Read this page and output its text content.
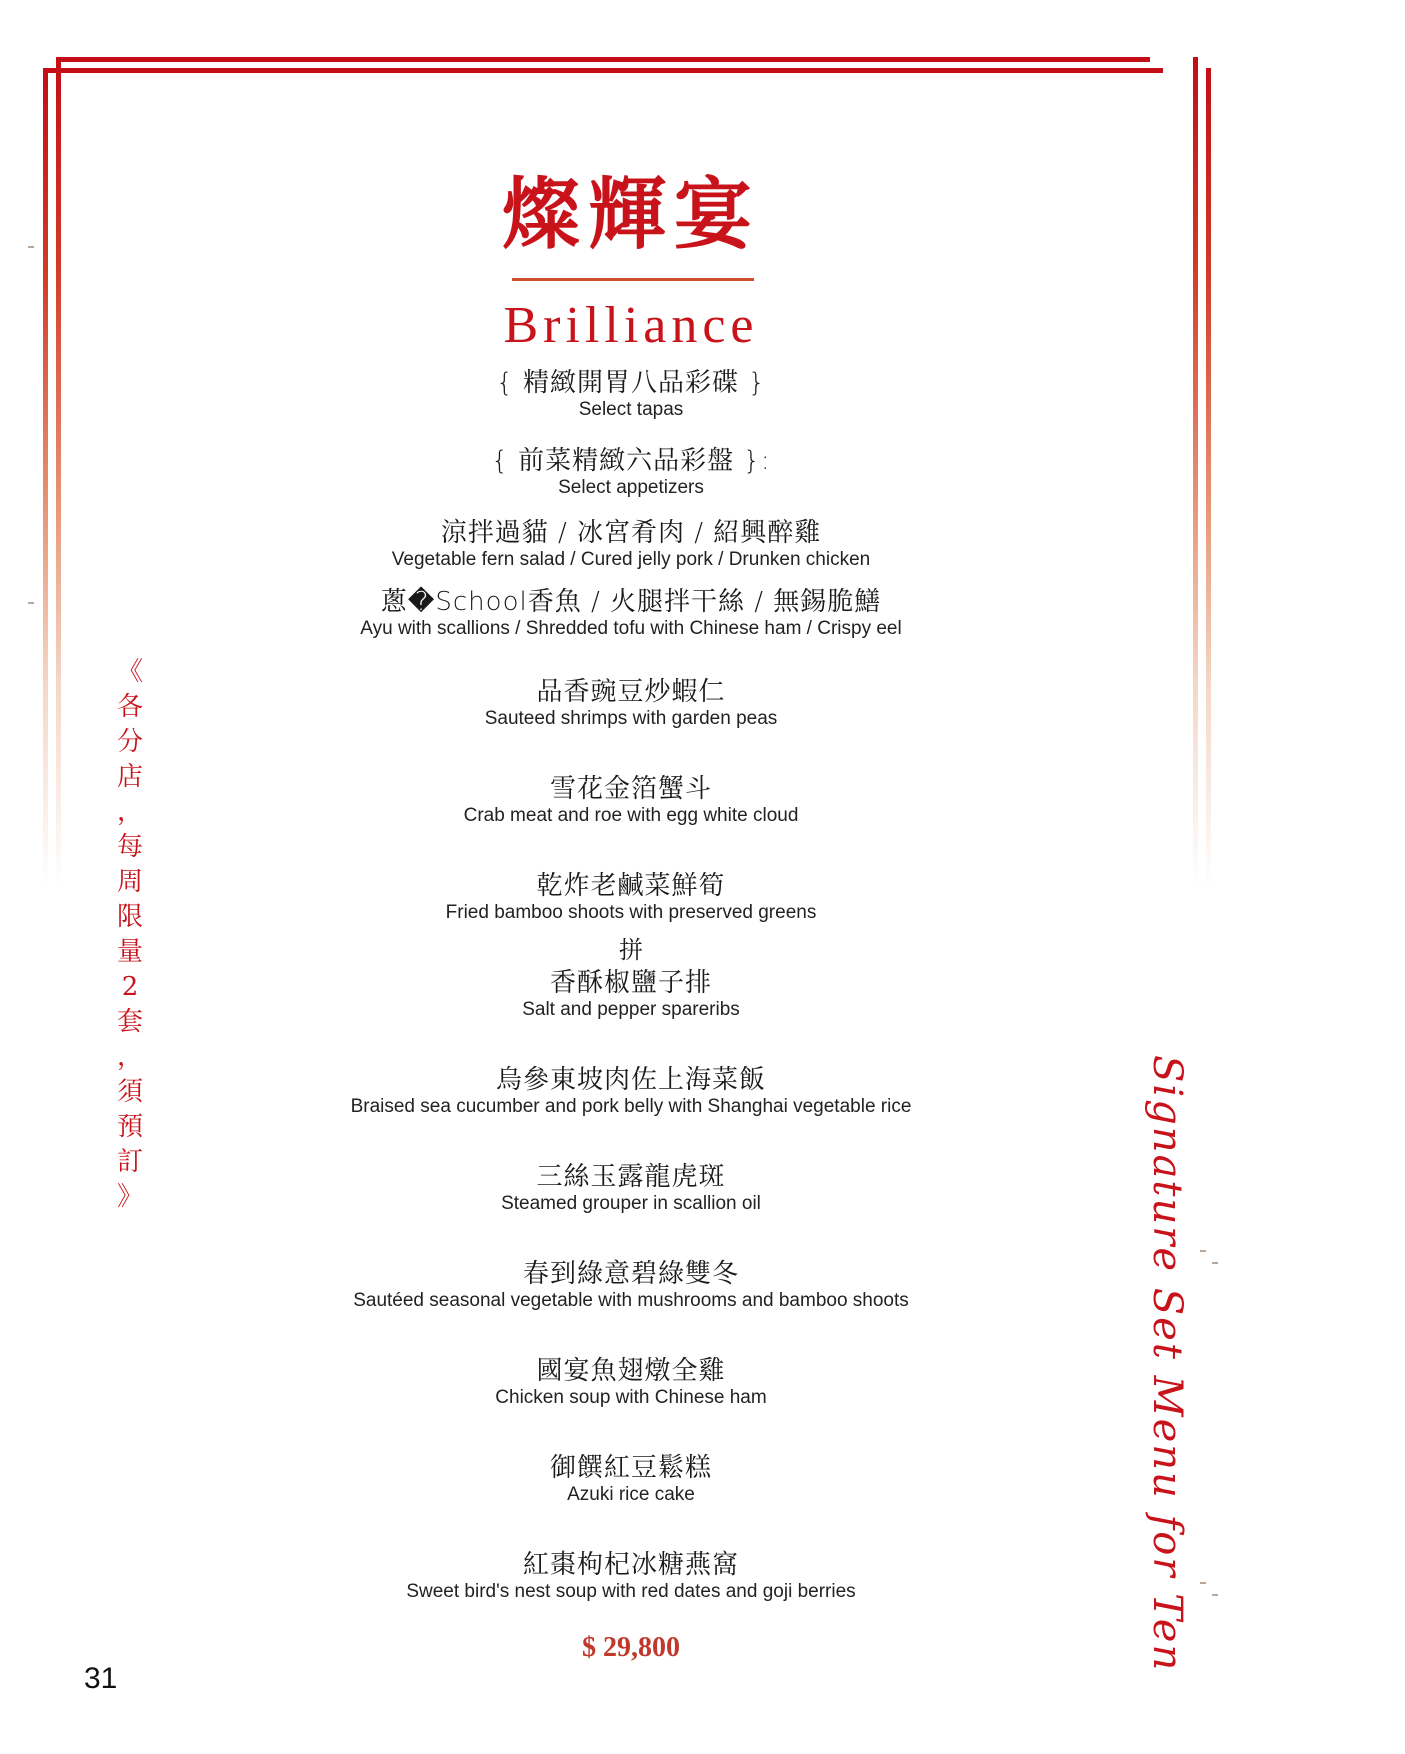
燦輝宴
Brilliance
{ 精緻開胃八品彩碟 }
Select tapas
{ 前菜精緻六品彩盤 }:
Select appetizers
涼拌過貓 / 冰宮肴肉 / 紹興醉雞
Vegetable fern salad / Cured jelly pork / Drunken chicken
蔥�School香魚 / 火腿拌干絲 / 無錫脆鱔
Ayu with scallions / Shredded tofu with Chinese ham / Crispy eel
品香豌豆炒蝦仁
Sauteed shrimps with garden peas
雪花金箔蟹斗
Crab meat and roe with egg white cloud
乾炸老鹹菜鮮筍
Fried bamboo shoots with preserved greens
拼
香酥椒鹽子排
Salt and pepper spareribs
烏參東坡肉佐上海菜飯
Braised sea cucumber and pork belly with Shanghai vegetable rice
三絲玉露龍虎斑
Steamed grouper in scallion oil
春到綠意碧綠雙冬
Sautéed seasonal vegetable with mushrooms and bamboo shoots
國宴魚翅燉全雞
Chicken soup with Chinese ham
御饌紅豆鬆糕
Azuki rice cake
紅棗枸杞冰糖燕窩
Sweet bird's nest soup with red dates and goji berries
$ 29,800
《
各
分
店
，
每
周
限
量
2
套
，
須
預
訂
》	Signature Set Menu for Ten
31
